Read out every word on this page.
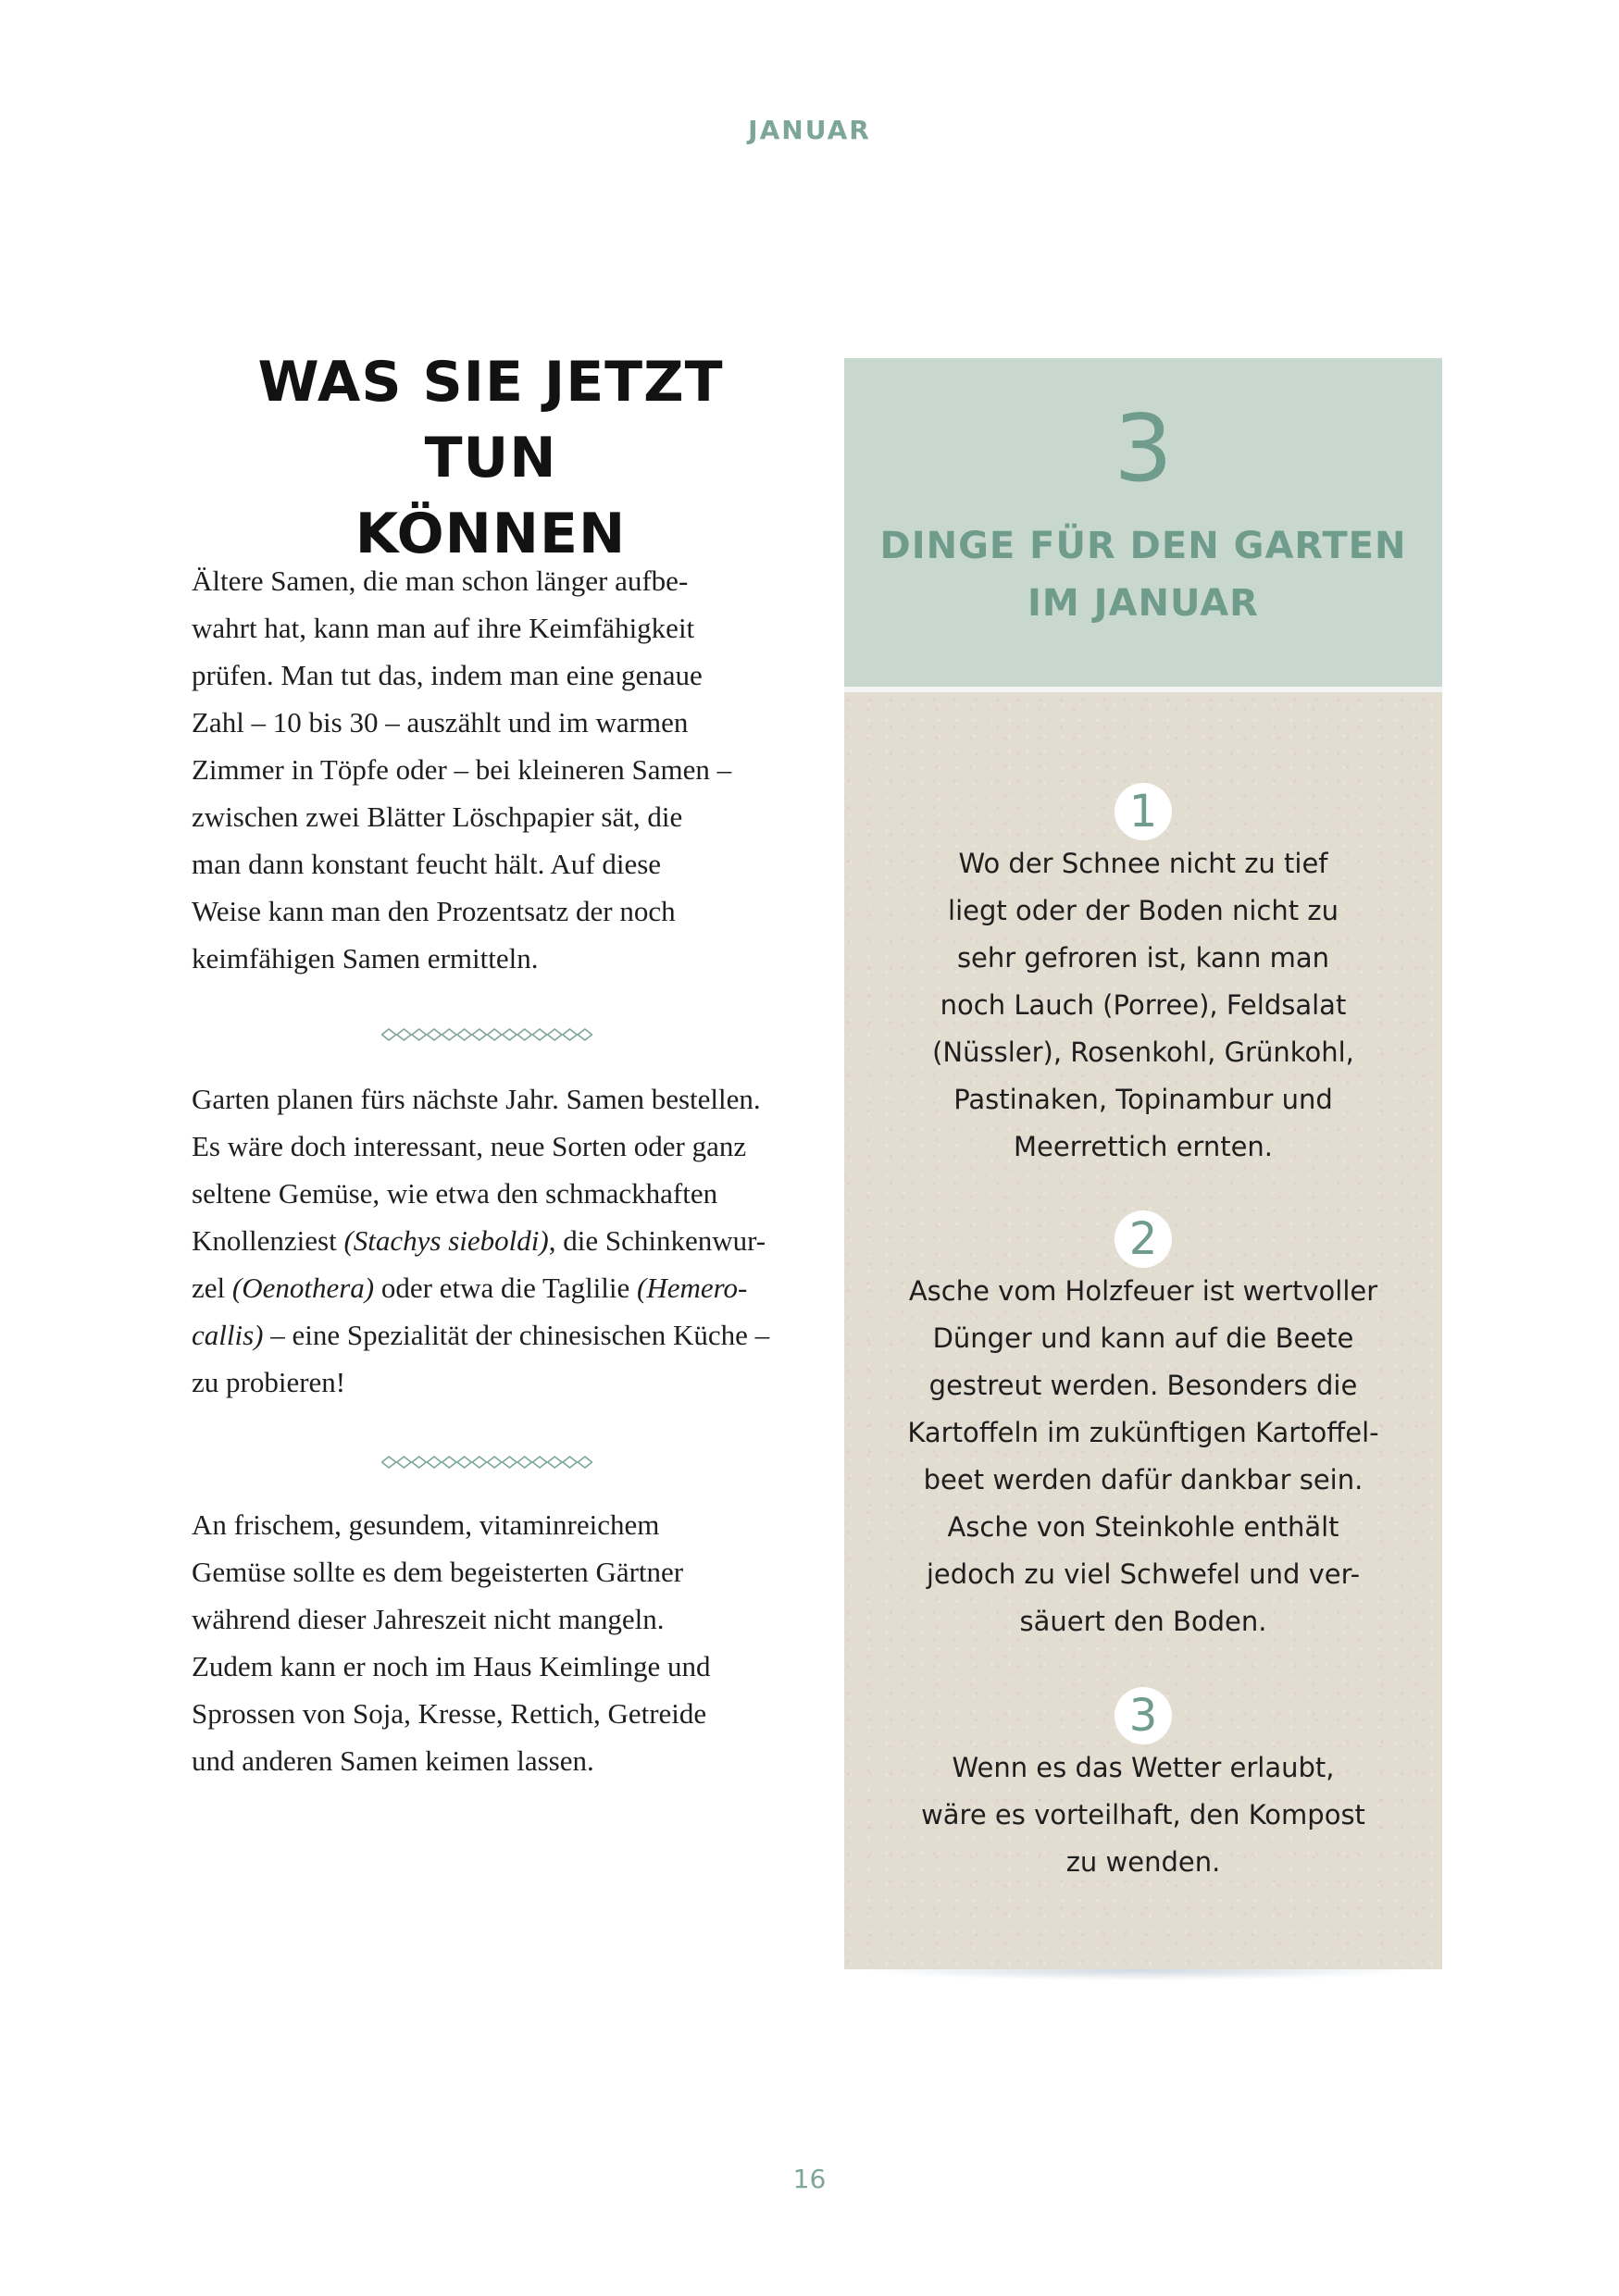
JANUAR
WAS SIE JETZT TUN
KÖNNEN

Ältere Samen, die man schon länger aufbe-
wahrt hat, kann man auf ihre Keimfähigkeit
prüfen. Man tut das, indem man eine genaue
Zahl – 10 bis 30 – auszählt und im warmen
Zimmer in Töpfe oder – bei kleineren Samen –
zwischen zwei Blätter Löschpapier sät, die
man dann konstant feucht hält. Auf diese
Weise kann man den Prozentsatz der noch
keimfähigen Samen ermitteln.

Garten planen fürs nächste Jahr. Samen bestellen.
Es wäre doch interessant, neue Sorten oder ganz
seltene Gemüse, wie etwa den schmackhaften
Knollenziest (Stachys sieboldi), die Schinkenwur-
zel (Oenothera) oder etwa die Taglilie (Hemero-
callis) – eine Spezialität der chinesischen Küche –
zu probieren!

An frischem, gesundem, vitaminreichem
Gemüse sollte es dem begeisterten Gärtner
während dieser Jahreszeit nicht mangeln.
Zudem kann er noch im Haus Keimlinge und
Sprossen von Soja, Kresse, Rettich, Getreide
und anderen Samen keimen lassen.

3
DINGE FÜR DEN GARTEN
IM JANUAR
1

Wo der Schnee nicht zu tief
liegt oder der Boden nicht zu
sehr gefroren ist, kann man
noch Lauch (Porree), Feldsalat
(Nüssler), Rosenkohl, Grünkohl,
Pastinaken, Topinambur und
Meerrettich ernten.

2

Asche vom Holzfeuer ist wertvoller
Dünger und kann auf die Beete
gestreut werden. Besonders die
Kartoffeln im zukünftigen Kartoffel-
beet werden dafür dankbar sein.
Asche von Steinkohle enthält
jedoch zu viel Schwefel und ver-
säuert den Boden.

3

Wenn es das Wetter erlaubt,
wäre es vorteilhaft, den Kompost
zu wenden.

16
